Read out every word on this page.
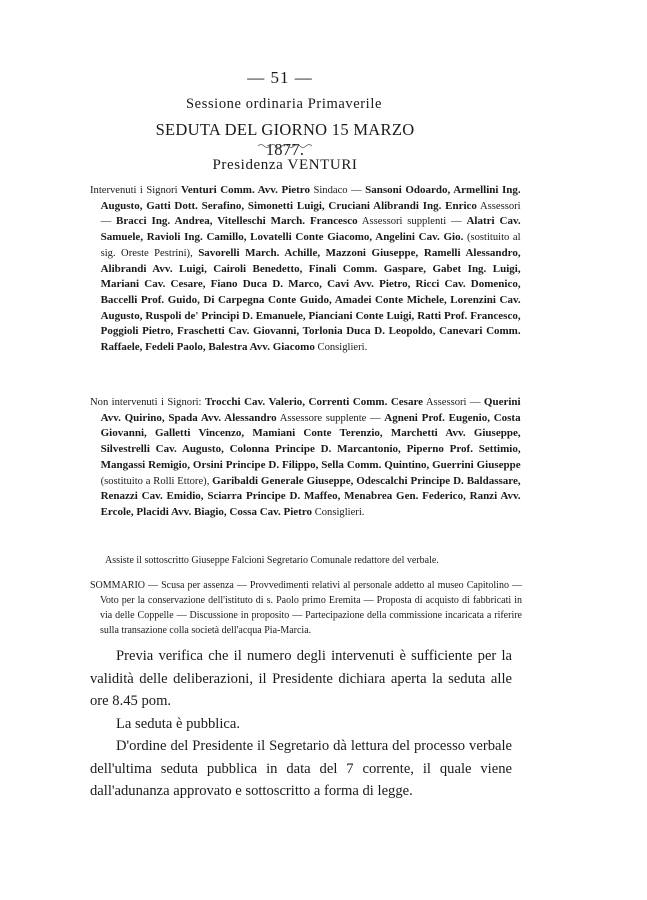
— 51 —
Sessione ordinaria Primaverile
SEDUTA DEL GIORNO 15 MARZO 1877.
Presidenza VENTURI
Intervenuti i Signori Venturi Comm. Avv. Pietro Sindaco — Sansoni Odoardo, Armellini Ing. Augusto, Gatti Dott. Serafino, Simonetti Luigi, Cruciani Alibrandi Ing. Enrico Assessori — Bracci Ing. Andrea, Vitelleschi March. Francesco Assessori supplenti — Alatri Cav. Samuele, Ravioli Ing. Camillo, Lovatelli Conte Giacomo, Angelini Cav. Gio. (sostituito al sig. Oreste Pestrini), Savorelli March. Achille, Mazzoni Giuseppe, Ramelli Alessandro, Alibrandi Avv. Luigi, Cairoli Benedetto, Finali Comm. Gaspare, Gabet Ing. Luigi, Mariani Cav. Cesare, Fiano Duca D. Marco, Cavi Avv. Pietro, Ricci Cav. Domenico, Baccelli Prof. Guido, Di Carpegna Conte Guido, Amadei Conte Michele, Lorenzini Cav. Augusto, Ruspoli de' Principi D. Emanuele, Pianciani Conte Luigi, Ratti Prof. Francesco, Poggioli Pietro, Fraschetti Cav. Giovanni, Torlonia Duca D. Leopoldo, Canevari Comm. Raffaele, Fedeli Paolo, Balestra Avv. Giacomo Consiglieri.
Non intervenuti i Signori: Trocchi Cav. Valerio, Correnti Comm. Cesare Assessori — Querini Avv. Quirino, Spada Avv. Alessandro Assessore supplente — Agneni Prof. Eugenio, Costa Giovanni, Galletti Vincenzo, Mamiani Conte Terenzio, Marchetti Avv. Giuseppe, Silvestrelli Cav. Augusto, Colonna Principe D. Marcantonio, Piperno Prof. Settimio, Mangassi Remigio, Orsini Principe D. Filippo, Sella Comm. Quintino, Guerrini Giuseppe (sostituito a Rolli Ettore), Garibaldi Generale Giuseppe, Odescalchi Principe D. Baldassare, Renazzi Cav. Emidio, Sciarra Principe D. Maffeo, Menabrea Gen. Federico, Ranzi Avv. Ercole, Placidi Avv. Biagio, Cossa Cav. Pietro Consiglieri.
Assiste il sottoscritto Giuseppe Falcioni Segretario Comunale redattore del verbale.
SOMMARIO — Scusa per assenza — Provvedimenti relativi al personale addetto al museo Capitolino — Voto per la conservazione dell'istituto di s. Paolo primo Eremita — Proposta di acquisto di fabbricati in via delle Coppelle — Discussione in proposito — Partecipazione della commissione incaricata a riferire sulla transazione colla società dell'acqua Pia-Marcia.

Previa verifica che il numero degli intervenuti è sufficiente per la validità delle deliberazioni, il Presidente dichiara aperta la seduta alle ore 8.45 pom.

La seduta è pubblica.

D'ordine del Presidente il Segretario dà lettura del processo verbale dell'ultima seduta pubblica in data del 7 corrente, il quale viene dall'adunanza approvato e sottoscritto a forma di legge.
